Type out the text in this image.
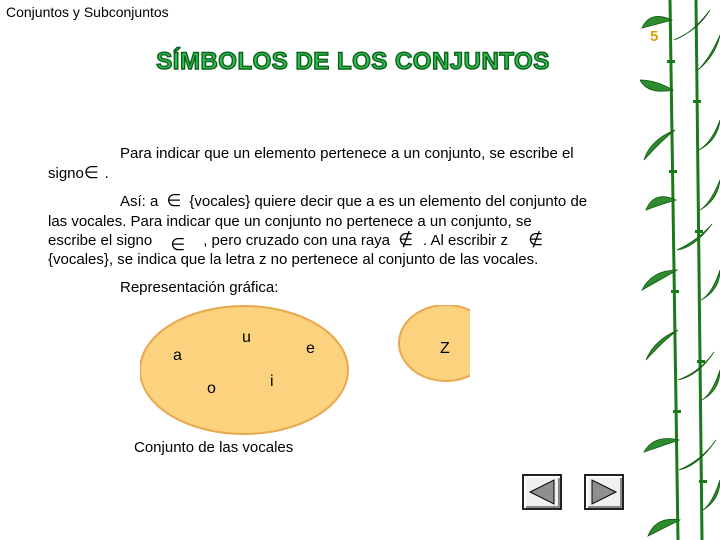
Conjuntos y Subconjuntos
5
SÍMBOLOS DE LOS CONJUNTOS
Para indicar que un elemento pertenece a un conjunto, se escribe el
signo∈ .
Así: a ∈ {vocales} quiere decir que a es un elemento del conjunto de
las vocales. Para indicar que un conjunto no pertenece a un conjunto, se
escribe el signo ∈ , pero cruzado con una raya ∉ . Al escribir z ∉
{vocales}, se indica que la letra z no pertenece al conjunto de las vocales.
Representación gráfica:
u
a	e
o	i
Z
Conjunto de las vocales
